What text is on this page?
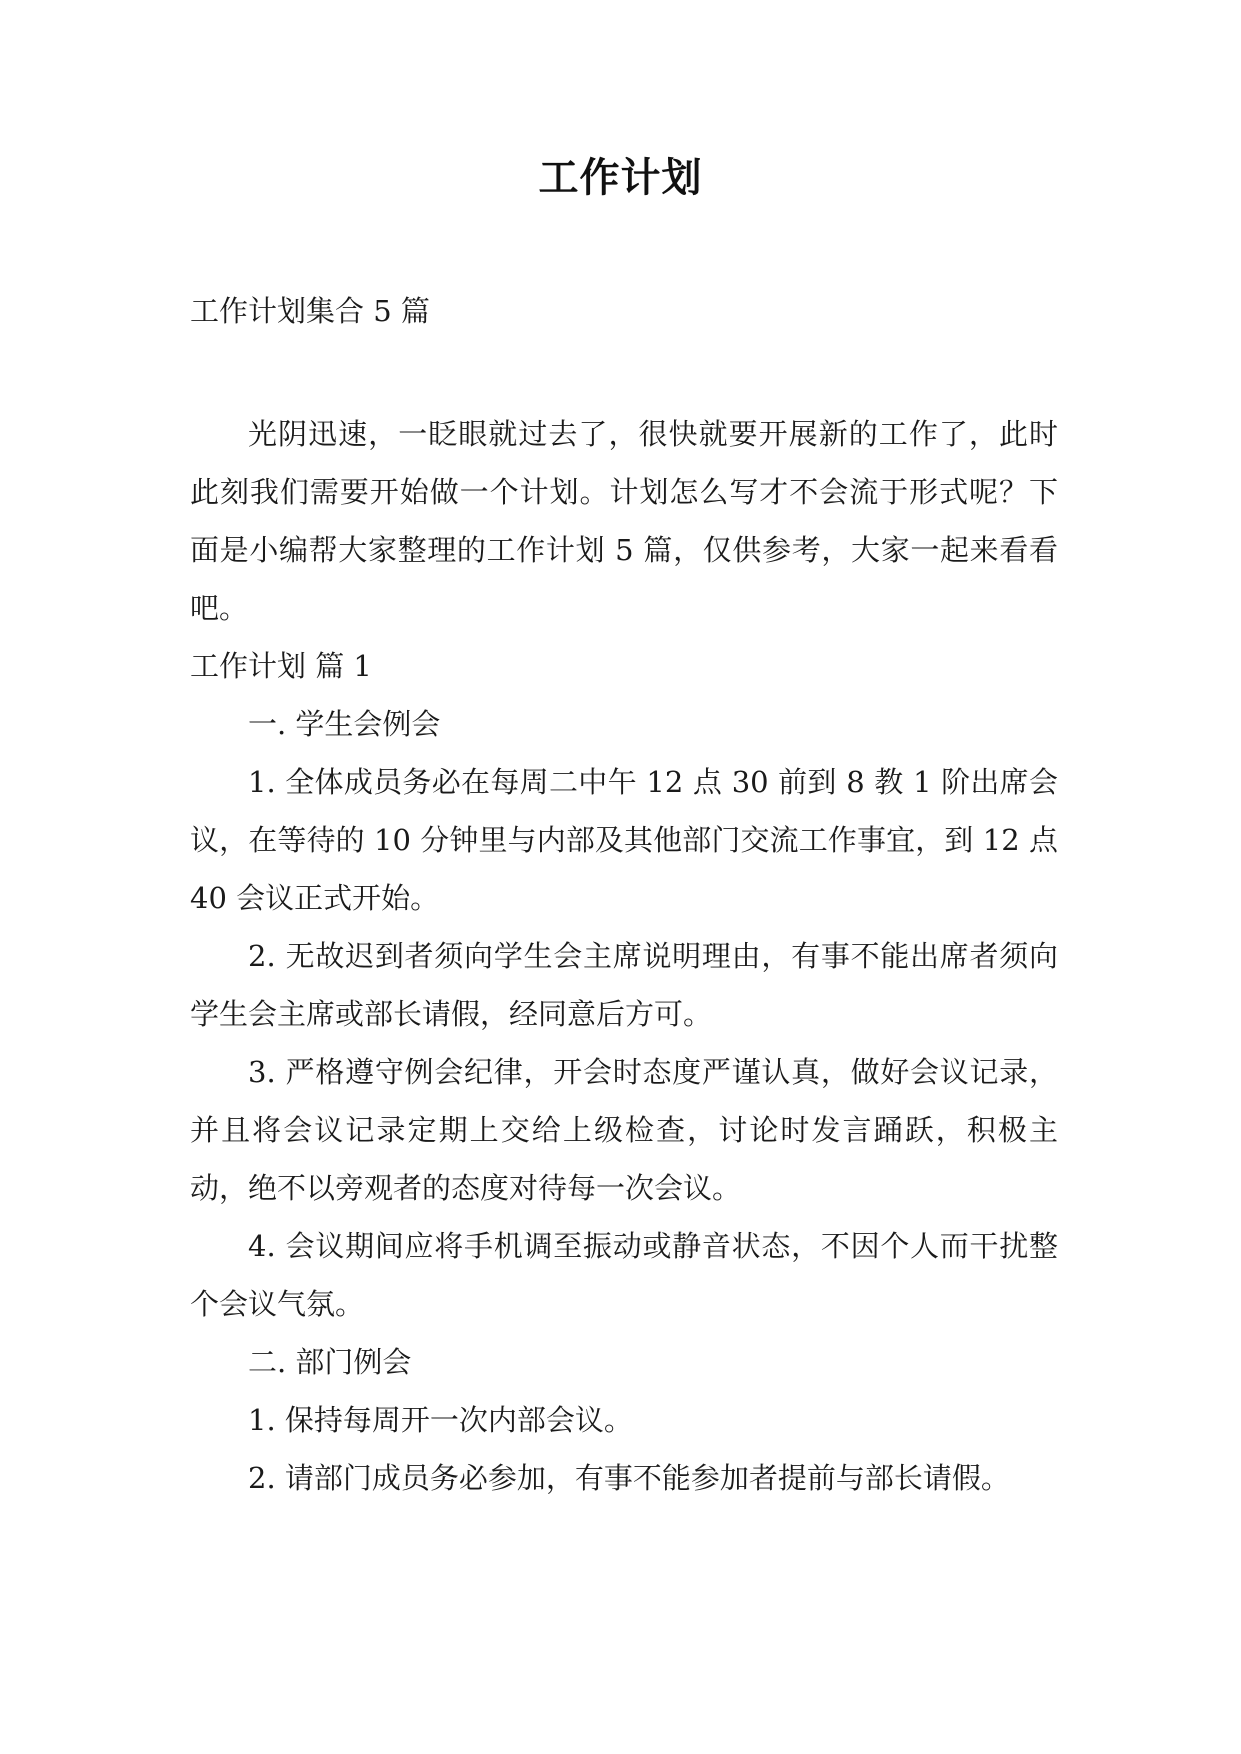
工作计划
工作计划集合 5 篇

光阴迅速，一眨眼就过去了，很快就要开展新的工作了，此时此刻我们需要开始做一个计划。计划怎么写才不会流于形式呢？下面是小编帮大家整理的工作计划 5 篇，仅供参考，大家一起来看看吧。

工作计划 篇 1

一. 学生会例会

1. 全体成员务必在每周二中午 12 点 30 前到 8 教 1 阶出席会议，在等待的 10 分钟里与内部及其他部门交流工作事宜，到 12 点 40 会议正式开始。

2. 无故迟到者须向学生会主席说明理由，有事不能出席者须向学生会主席或部长请假，经同意后方可。

3. 严格遵守例会纪律，开会时态度严谨认真，做好会议记录，并且将会议记录定期上交给上级检查，讨论时发言踊跃，积极主动，绝不以旁观者的态度对待每一次会议。

4. 会议期间应将手机调至振动或静音状态，不因个人而干扰整个会议气氛。

二. 部门例会

1. 保持每周开一次内部会议。

2. 请部门成员务必参加，有事不能参加者提前与部长请假。
